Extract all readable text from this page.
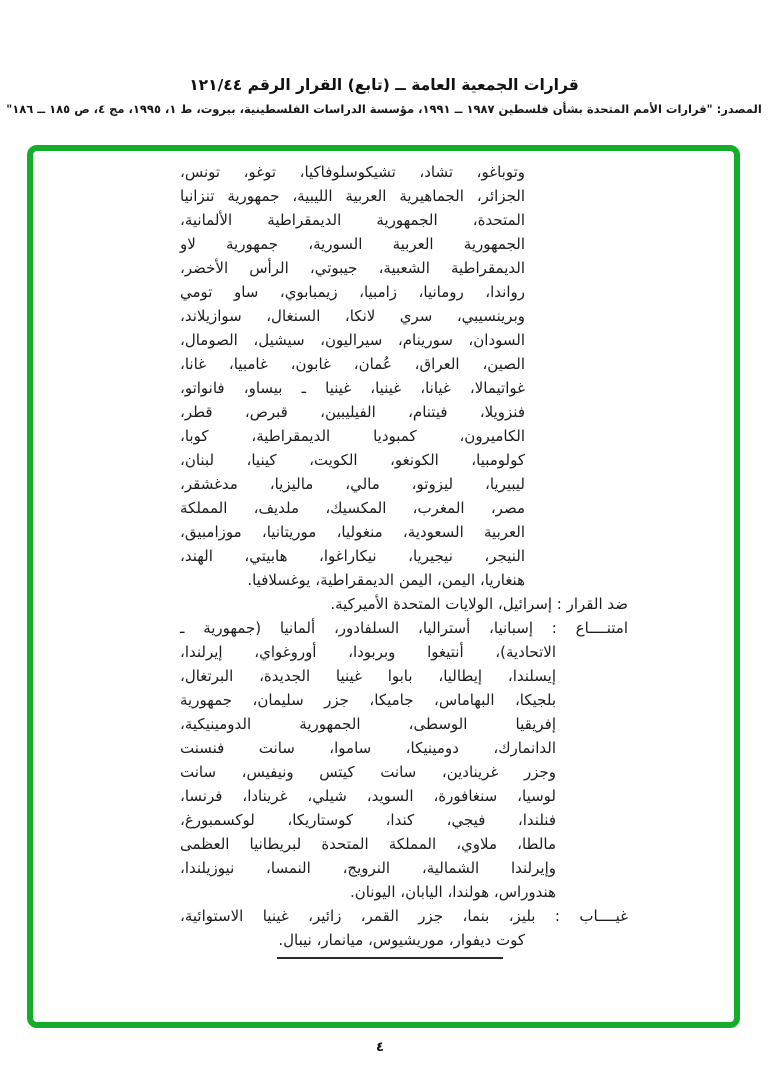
قرارات الجمعية العامة ــ (تابع) القرار الرقم ١٢١/٤٤
المصدر: "قرارات الأمم المتحدة بشأن فلسطين ١٩٨٧ ــ ١٩٩١، مؤسسة الدراسات الفلسطينية، بيروت، ط ١، ١٩٩٥، مج ٤، ص ١٨٥ ــ ١٨٦"
وتوباغو، تشاد، تشيكوسلوفاكيا، توغو، تونس،
الجزائر، الجماهيرية العربية الليبية، جمهورية تنزانيا
المتحدة، الجمهورية الديمقراطية الألمانية،
الجمهورية العربية السورية، جمهورية لاو
الديمقراطية الشعبية، جيبوتي، الرأس الأخضر،
رواندا، رومانيا، زامبيا، زيمبابوي، ساو تومي
وبرينسيبي، سري لانكا، السنغال، سوازيلاند،
السودان، سورينام، سيراليون، سيشيل، الصومال،
الصين، العراق، عُمان، غابون، غامبيا، غانا،
غواتيمالا، غيانا، غينيا، غينيا ـ بيساو، فانواتو،
فنزويلا، فيتنام، الفيليبين، قبرص، قطر،
الكاميرون، كمبوديا الديمقراطية، كوبا،
كولومبيا، الكونغو، الكويت، كينيا، لبنان،
ليبيريا، ليزوتو، مالي، ماليزيا، مدغشقر،
مصر، المغرب، المكسيك، ملديف، المملكة
العربية السعودية، منغوليا، موريتانيا، موزامبيق،
النيجر، نيجيريا، نيكاراغوا، هابيتي، الهند،
هنغاريا، اليمن، اليمن الديمقراطية، يوغسلافيا.
ضد القرار : إسرائيل، الولايات المتحدة الأميركية.
امتنــــاع : إسبانيا، أستراليا، السلفادور، ألمانيا (جمهورية ـ
الاتحادية)، أنتيغوا وبربودا، أوروغواي، إيرلندا،
إيسلندا، إيطاليا، بابوا غينيا الجديدة، البرتغال،
بلجيكا، البهاماس، جاميكا، جزر سليمان، جمهورية
إفريقيا الوسطى، الجمهورية الدومينيكية،
الدانمارك، دومينيكا، ساموا، سانت فنسنت
وجزر غرينادين، سانت كيتس ونيفيس، سانت
لوسيا، سنغافورة، السويد، شيلي، غرينادا، فرنسا،
فنلندا، فيجي، كندا، كوستاريكا، لوكسمبورغ،
مالطا، ملاوي، المملكة المتحدة لبريطانيا العظمى
وإيرلندا الشمالية، النرويج، النمسا، نيوزيلندا،
هندوراس، هولندا، اليابان، اليونان.
غيــــاب : بليز، بنما، جزر القمر، زائير، غينيا الاستوائية،
كوت ديفوار، موريشيوس، ميانمار، نيبال.
٤
